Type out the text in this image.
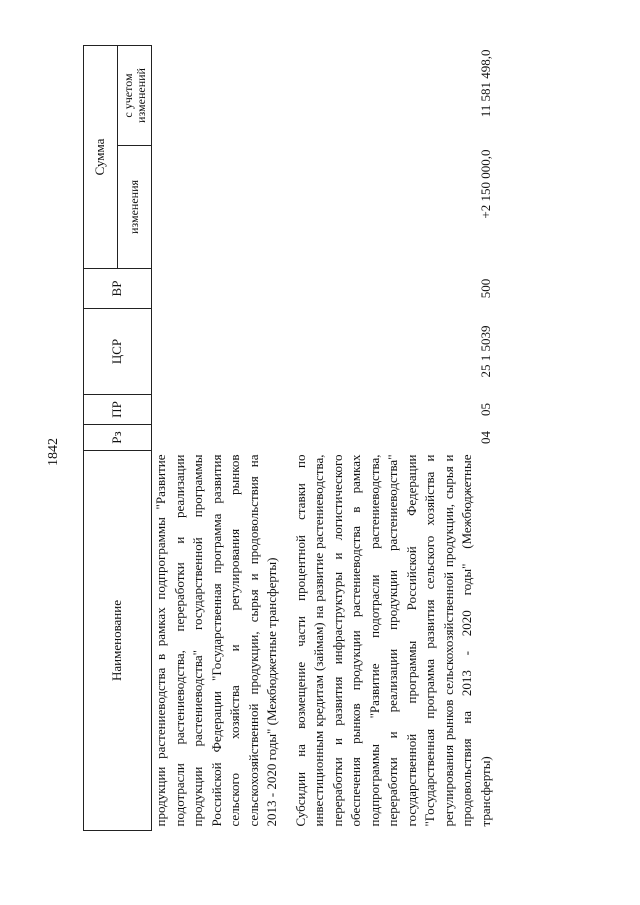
1842
Наименование	Рз	ПР	ЦСР	ВР	Сумма	
					изменения	с учетом изменений
продукции растениеводства в рамках подпрограммы "Развитие подотрасли растениеводства, переработки и реализации продукции растениеводства" государственной программы Российской Федерации "Государственная программа развития сельского хозяйства и регулирования рынков сельскохозяйственной продукции, сырья и продовольствия на 2013 - 2020 годы" (Межбюджетные трансферты)						

Субсидии на возмещение части процентной ставки по инвестиционным кредитам (займам) на развитие растениеводства, переработки и развития инфраструктуры и логистического обеспечения рынков продукции растениеводства в рамках подпрограммы "Развитие подотрасли растениеводства, переработки и реализации продукции растениеводства" государственной программы Российской Федерации "Государственная программа развития сельского хозяйства и регулирования рынков сельскохозяйственной продукции, сырья и продовольствия на 2013 - 2020 годы" (Межбюджетные трансферты)	04	05	25 1 5039	500	+2 150 000,0	11 581 498,0
